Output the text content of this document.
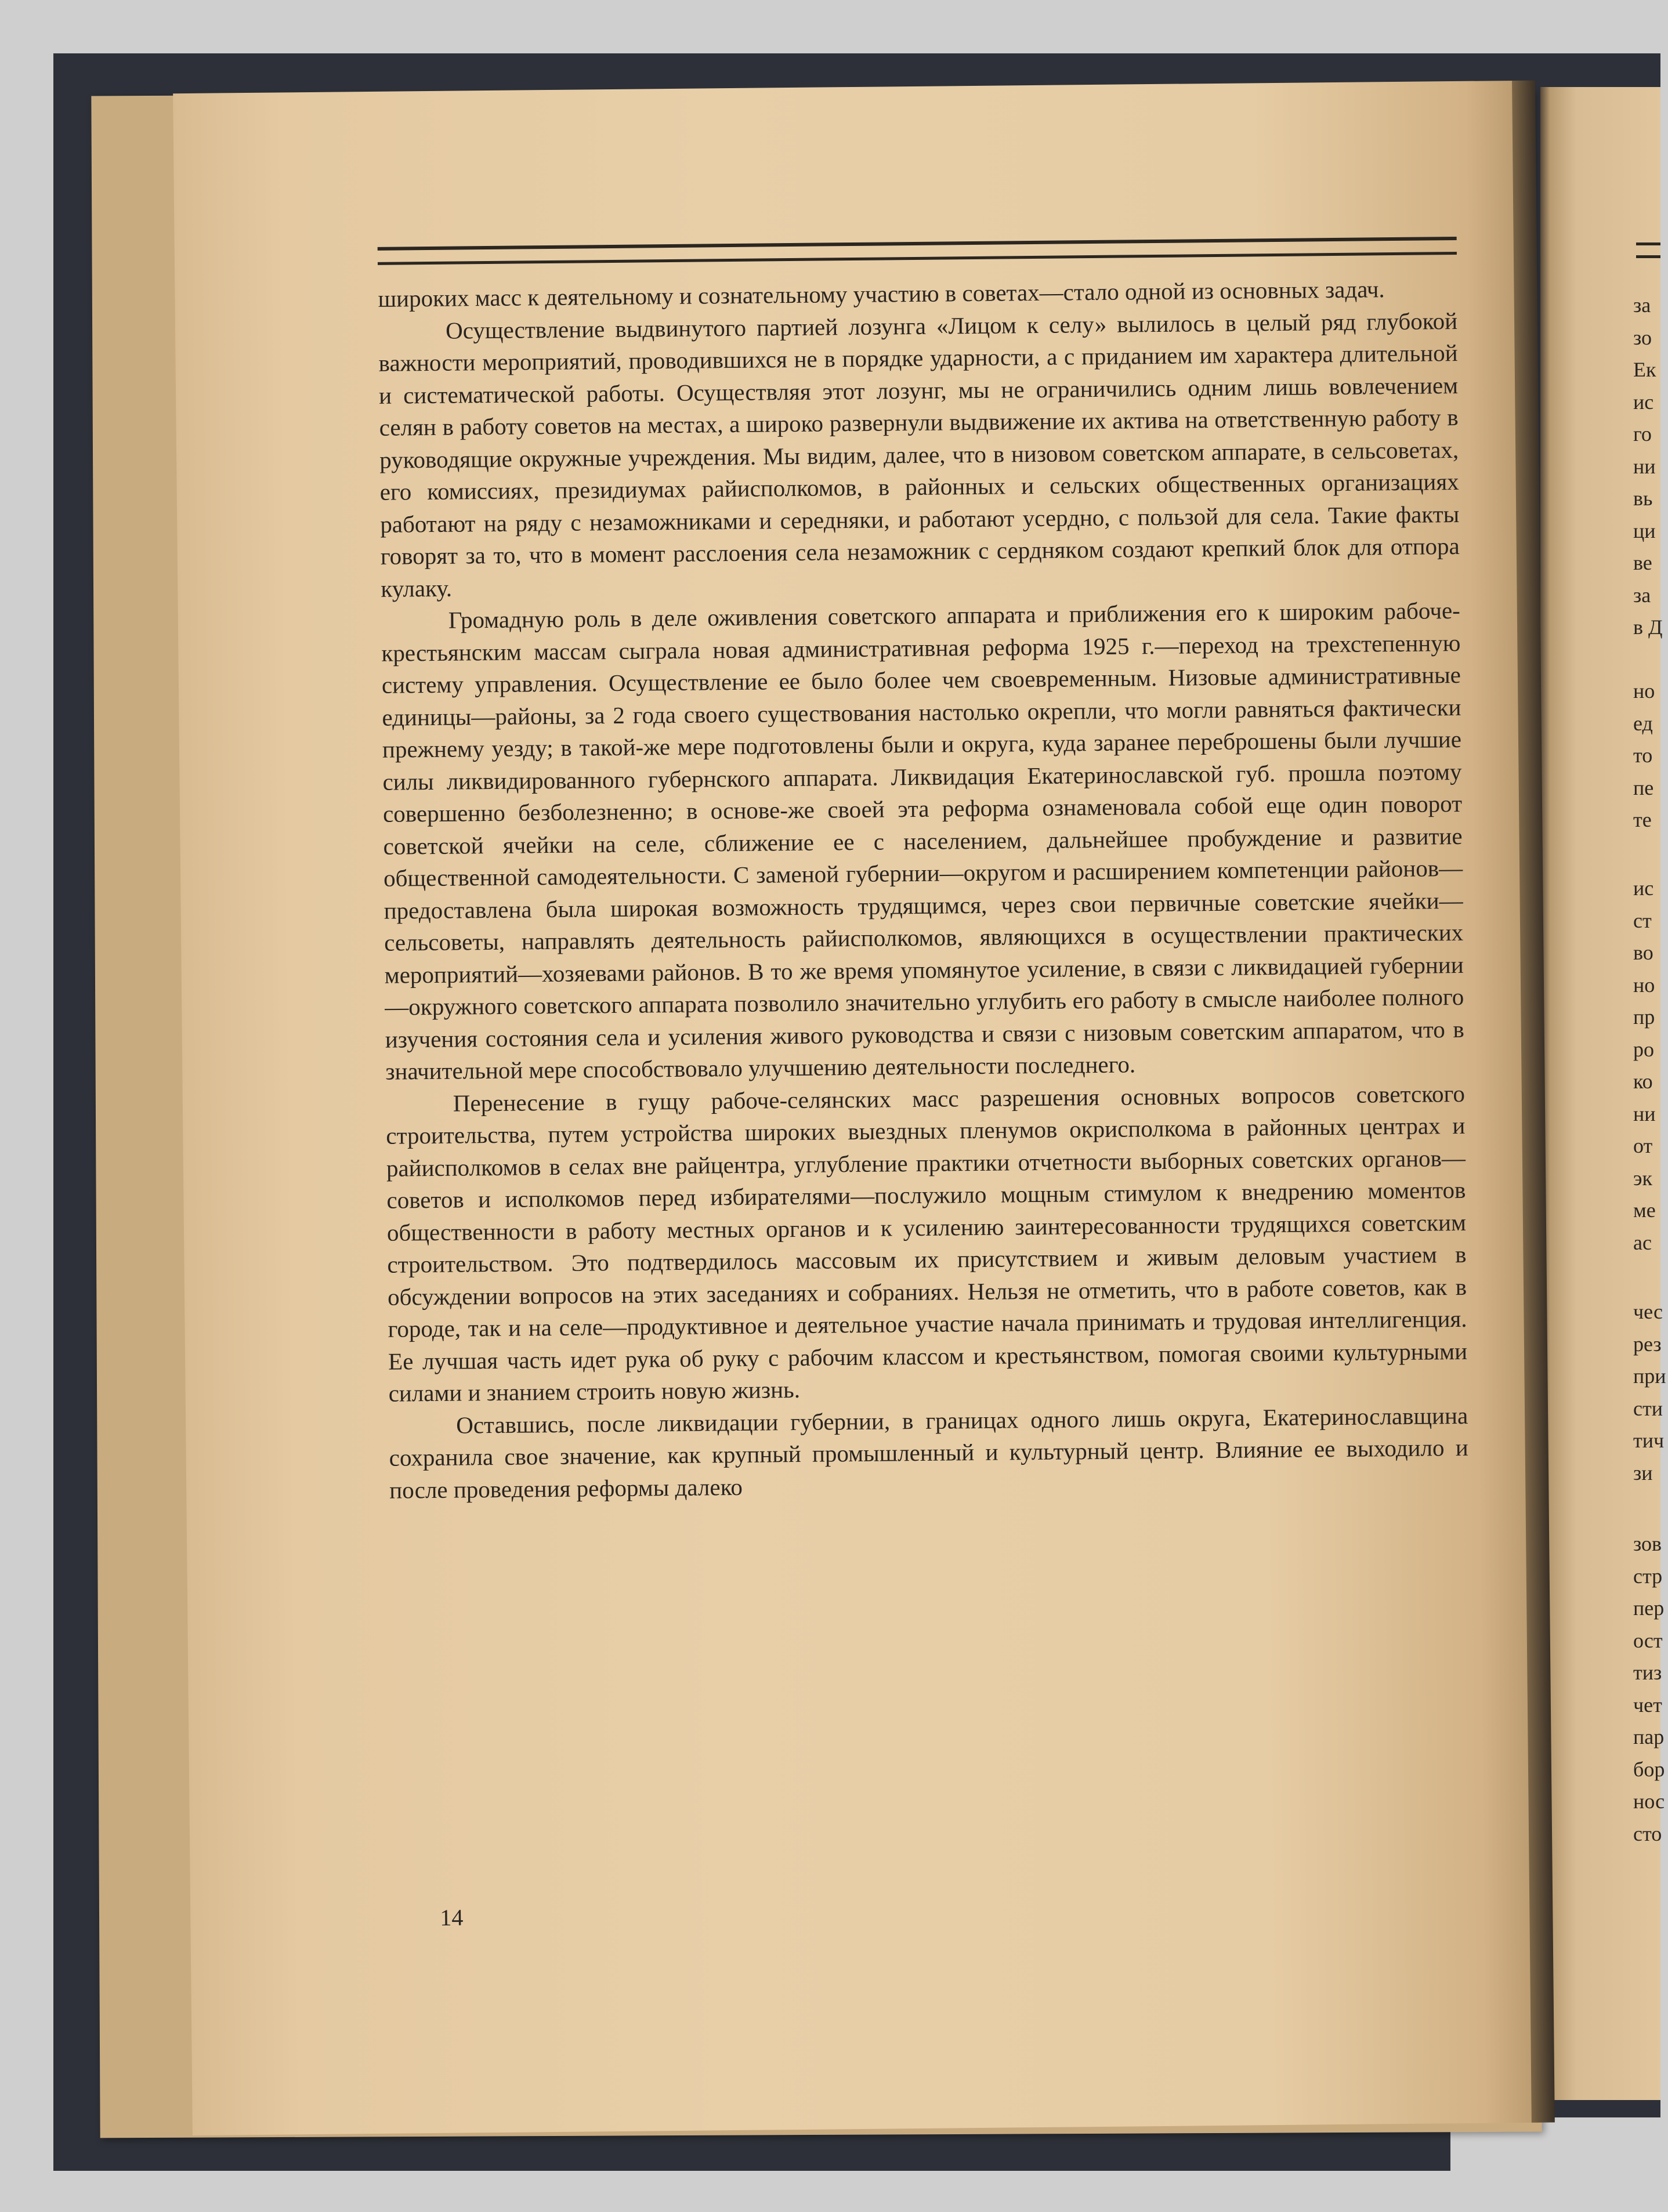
за
зо
Ек
ис
го
ни
вь
ци
ве
за
в Д
но
ед
то
пе
те
ис
ст
во
но
пр
ро
ко
ни
от
эк
ме
ас
чес
рез
при
сти
тич
зи
зов
стр
пер
ост
тиз
чет
пар
бор
нос
сто

широких масс к деятельному и сознательному участию в советах—стало одной из основных задач.

Осуществление выдвинутого партией лозунга «Лицом к селу» вылилось в целый ряд глубокой важности мероприятий, проводившихся не в порядке ударности, а с приданием им характера длительной и систематической работы. Осуществляя этот лозунг, мы не ограничились одним лишь вовлечением селян в работу советов на местах, а широко развернули выдвижение их актива на ответственную работу в руководящие окружные учреждения. Мы видим, далее, что в низовом советском аппарате, в сельсоветах, его комиссиях, президиумах райисполкомов, в районных и сельских общественных организациях работают на ряду с незаможниками и середняки, и работают усердно, с пользой для села. Такие факты говорят за то, что в момент расслоения села незаможник с серднякoм создают крепкий блок для отпора кулаку.

Громадную роль в деле оживления советского аппарата и приближения его к широким рабоче-крестьянским массам сыграла новая административная реформа 1925 г.—переход на трехстепенную систему управления. Осуществление ее было более чем своевременным. Низовые административные единицы—районы, за 2 года своего существования настолько окрепли, что могли равняться фактически прежнему уезду; в такой-же мере подготовлены были и округа, куда заранее переброшены были лучшие силы ликвидированного губернского аппарата. Ликвидация Екатеринославской губ. прошла поэтому совершенно безболезненно; в основе-же своей эта реформа ознаменовала собой еще один поворот советской ячейки на селе, сближение ее с населением, дальнейшее пробуждение и развитие общественной самодеятельности. С заменой губернии—округом и расширением компетенции районов—предоставлена была широкая возможность трудящимся, через свои первичные советские ячейки—сельсоветы, направлять деятельность райисполкомов, являющихся в осуществлении практических мероприятий—хозяевами районов. В то же время упомянутое усиление, в связи с ликвидацией губернии—окружного советского аппарата позволило значительно углубить его работу в смысле наиболее полного изучения состояния села и усиления живого руководства и связи с низовым советским аппаратом, что в значительной мере способствовало улучшению деятельности последнего.

Перенесение в гущу рабоче-селянских масс разрешения основных вопросов советского строительства, путем устройства широких выездных пленумов окрисполкома в районных центрах и райисполкомов в селах вне райцентра, углубление практики отчетности выборных советских органов—советов и исполкомов перед избирателями—послужило мощным стимулом к внедрению моментов общественности в работу местных органов и к усилению заинтересованности трудящихся советским строительством. Это подтвердилось массовым их присутствием и живым деловым участием в обсуждении вопросов на этих заседаниях и собраниях. Нельзя не отметить, что в работе советов, как в городе, так и на селе—продуктивное и деятельное участие начала принимать и трудовая интеллигенция. Ее лучшая часть идет рука об руку с рабочим классом и крестьянством, помогая своими культурными силами и знанием строить новую жизнь.

Оставшись, после ликвидации губернии, в границах одного лишь округа, Екатеринославщина сохранила свое значение, как крупный промышленный и культурный центр. Влияние ее выходило и после проведения реформы далеко

14
